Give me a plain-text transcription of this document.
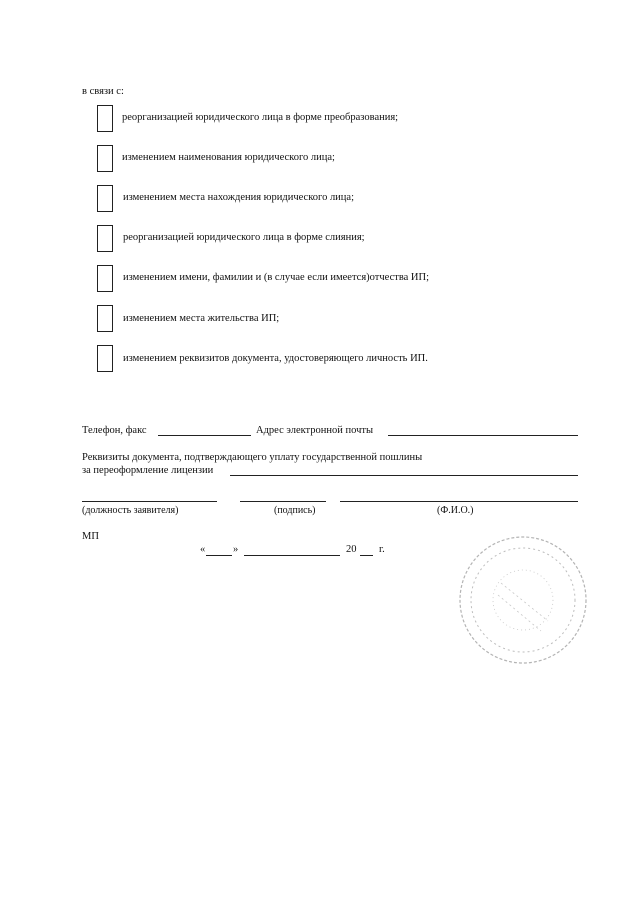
в связи с:
реорганизацией юридического лица в форме преобразования;
изменением наименования юридического лица;
изменением места нахождения юридического лица;
реорганизацией юридического лица в форме слияния;
изменением имени, фамилии и (в случае если имеется)отчества ИП;
изменением места жительства ИП;
изменением реквизитов документа, удостоверяющего личность ИП.
Телефон, факс	Адрес электронной почты
Реквизиты документа, подтверждающего уплату государственной пошлины
за переоформление лицензии
(должность заявителя)	(подпись)	(Ф.И.О.)
МП
«	»	20 г.
